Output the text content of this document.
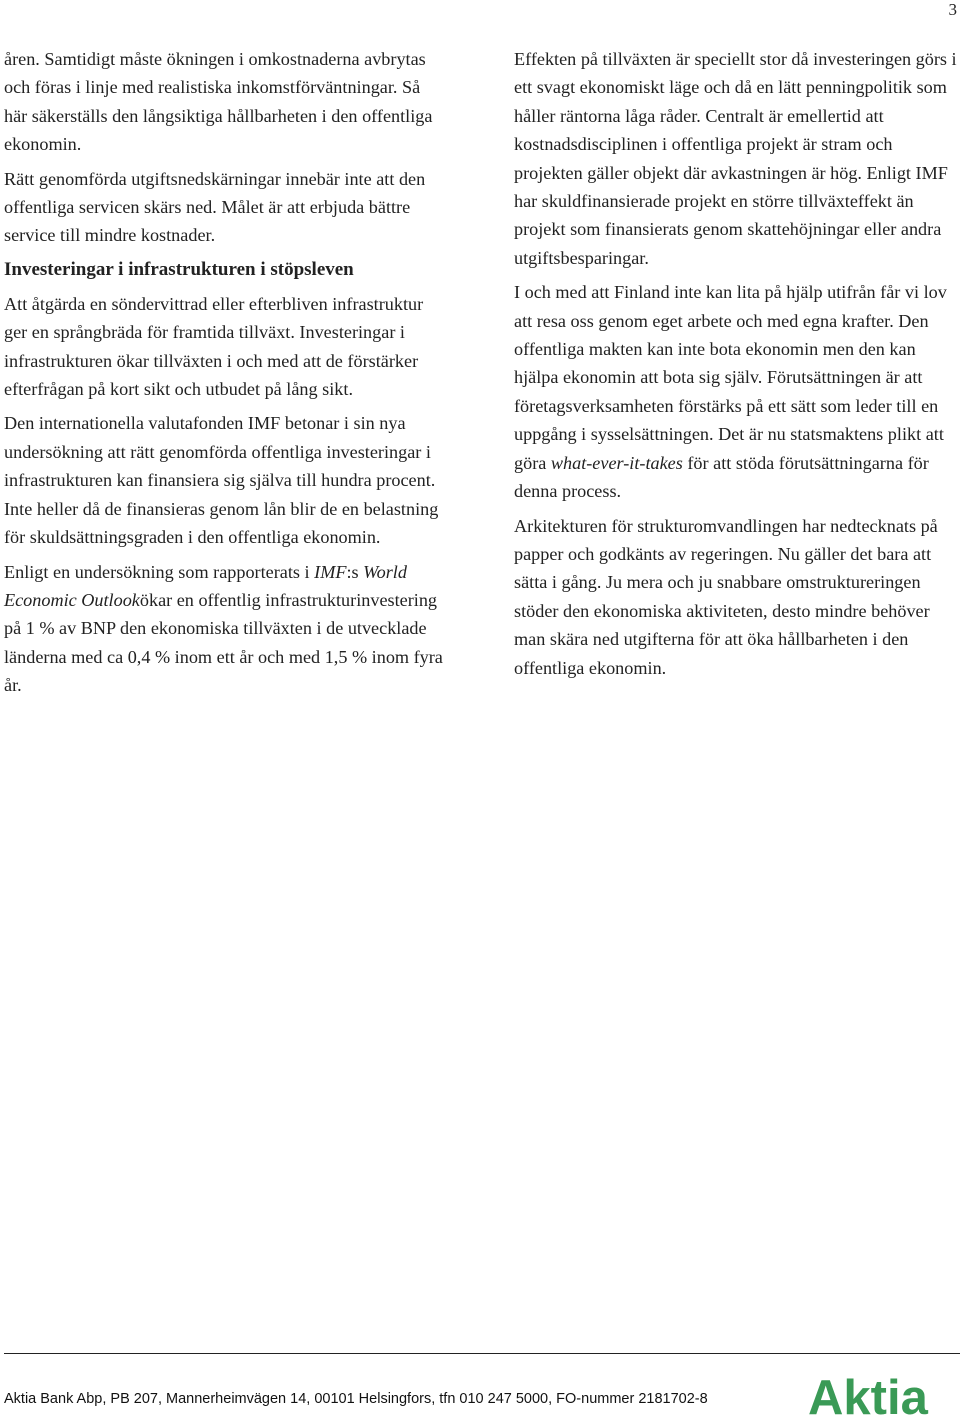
3

åren. Samtidigt måste ökningen i omkostnaderna avbrytas och föras i linje med realistiska inkomstförväntningar. Så här säkerställs den långsiktiga hållbarheten i den offentliga ekonomin.

Rätt genomförda utgiftsnedskärningar innebär inte att den offentliga servicen skärs ned. Målet är att erbjuda bättre service till mindre kostnader.

Investeringar i infrastrukturen i stöpsleven

Att åtgärda en söndervittrad eller efterbliven infrastruktur ger en språngbräda för framtida tillväxt. Investeringar i infrastrukturen ökar tillväxten i och med att de förstärker efterfrågan på kort sikt och utbudet på lång sikt.

Den internationella valutafonden IMF betonar i sin nya undersökning att rätt genomförda offentliga investeringar i infrastrukturen kan finansiera sig själva till hundra procent. Inte heller då de finansieras genom lån blir de en belastning för skuldsättningsgraden i den offentliga ekonomin.

Enligt en undersökning som rapporterats i IMF:s World Economic Outlookökar en offentlig infrastrukturinvestering på 1 % av BNP den ekonomiska tillväxten i de utvecklade länderna med ca 0,4 % inom ett år och med 1,5 % inom fyra år.

Effekten på tillväxten är speciellt stor då investeringen görs i ett svagt ekonomiskt läge och då en lätt penningpolitik som håller räntorna låga råder. Centralt är emellertid att kostnadsdisciplinen i offentliga projekt är stram och projekten gäller objekt där avkastningen är hög. Enligt IMF har skuldfinansierade projekt en större tillväxteffekt än projekt som finansierats genom skattehöjningar eller andra utgiftsbesparingar.

I och med att Finland inte kan lita på hjälp utifrån får vi lov att resa oss genom eget arbete och med egna krafter. Den offentliga makten kan inte bota ekonomin men den kan hjälpa ekonomin att bota sig själv. Förutsättningen är att företagsverksamheten förstärks på ett sätt som leder till en uppgång i sysselsättningen. Det är nu statsmaktens plikt att göra what-ever-it-takes för att stöda förutsättningarna för denna process.

Arkitekturen för strukturomvandlingen har nedtecknats på papper och godkänts av regeringen. Nu gäller det bara att sätta i gång. Ju mera och ju snabbare omstruktureringen stöder den ekonomiska aktiviteten, desto mindre behöver man skära ned utgifterna för att öka hållbarheten i den offentliga ekonomin.

Aktia Bank Abp, PB 207, Mannerheimvägen 14, 00101 Helsingfors, tfn 010 247 5000, FO-nummer 2181702-8 Aktia
